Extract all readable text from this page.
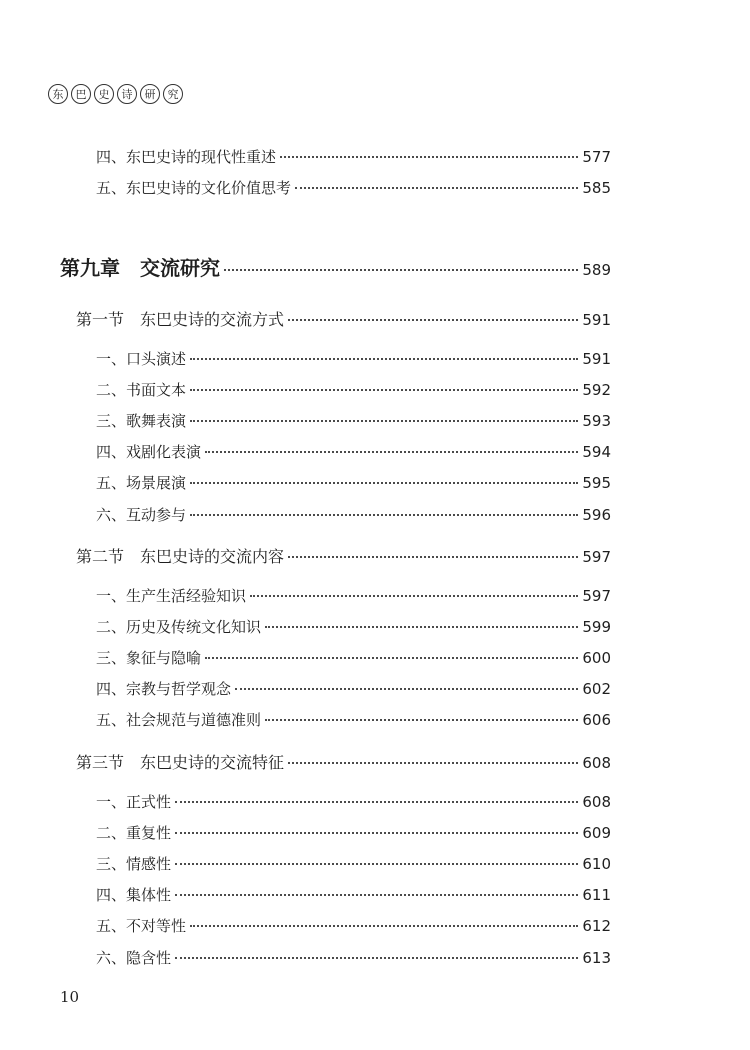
东 巴 史 诗 研 究
四、东巴史诗的现代性重述	577
五、东巴史诗的文化价值思考	585
第九章　交流研究	589
第一节　东巴史诗的交流方式	591
一、口头演述	591
二、书面文本	592
三、歌舞表演	593
四、戏剧化表演	594
五、场景展演	595
六、互动参与	596
第二节　东巴史诗的交流内容	597
一、生产生活经验知识	597
二、历史及传统文化知识	599
三、象征与隐喻	600
四、宗教与哲学观念	602
五、社会规范与道德准则	606
第三节　东巴史诗的交流特征	608
一、正式性	608
二、重复性	609
三、情感性	610
四、集体性	611
五、不对等性	612
六、隐含性	613
10
